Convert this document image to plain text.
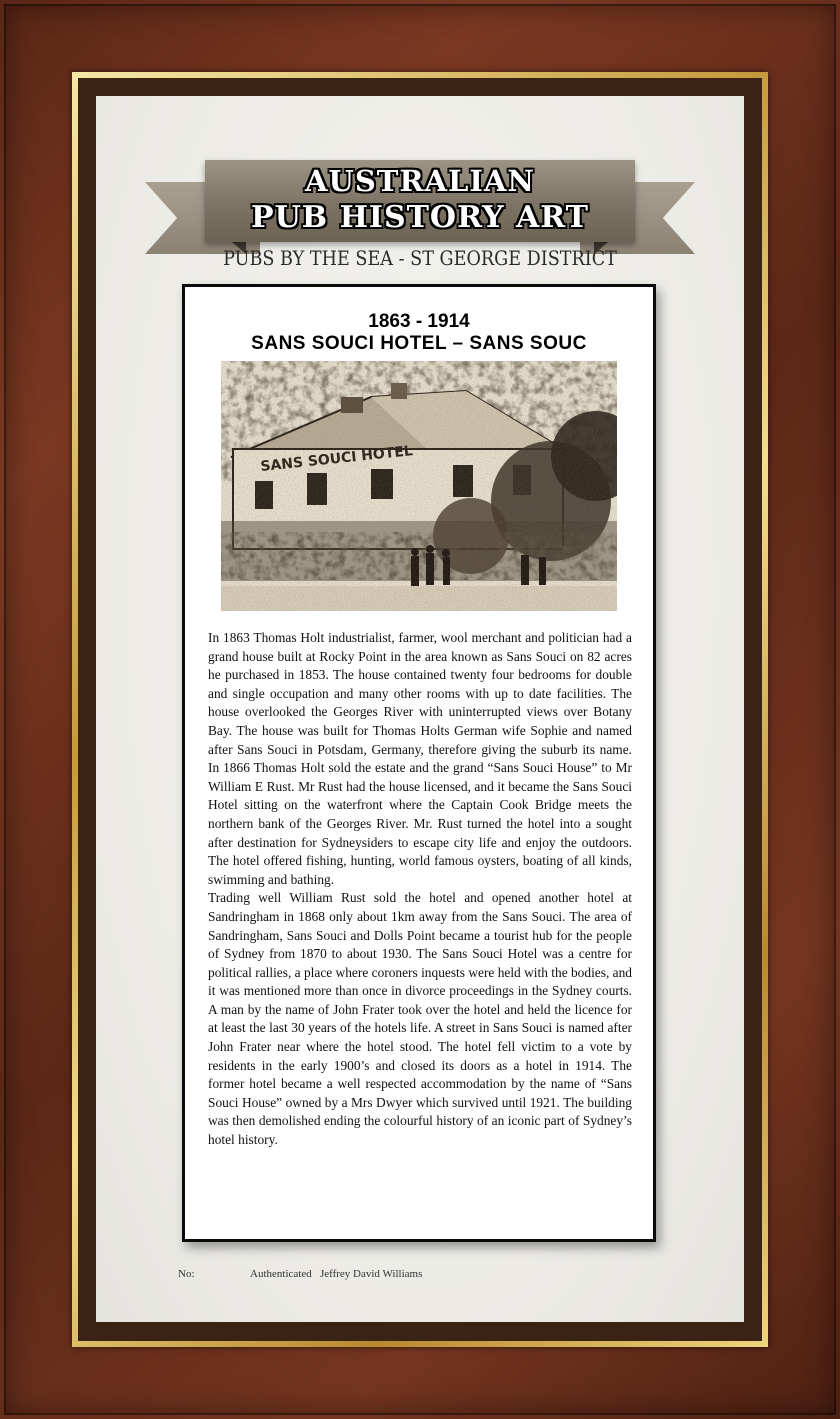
AUSTRALIAN
PUB HISTORY ART
PUBS BY THE SEA - ST GEORGE DISTRICT
1863 - 1914
SANS SOUCI HOTEL – SANS SOUC

In 1863 Thomas Holt industrialist, farmer, wool merchant and politician had a grand house built at Rocky Point in the area known as Sans Souci on 82 acres he purchased in 1853. The house contained twenty four bedrooms for double and single occupation and many other rooms with up to date facilities. The house overlooked the Georges River with uninterrupted views over Botany Bay. The house was built for Thomas Holts German wife Sophie and named after Sans Souci in Potsdam, Germany, therefore giving the suburb its name. In 1866 Thomas Holt sold the estate and the grand “Sans Souci House” to Mr William E Rust. Mr Rust had the house licensed, and it became the Sans Souci Hotel sitting on the waterfront where the Captain Cook Bridge meets the northern bank of the Georges River. Mr. Rust turned the hotel into a sought after destination for Sydneysiders to escape city life and enjoy the outdoors. The hotel offered fishing, hunting, world famous oysters, boating of all kinds, swimming and bathing.

Trading well William Rust sold the hotel and opened another hotel at Sandringham in 1868 only about 1km away from the Sans Souci. The area of Sandringham, Sans Souci and Dolls Point became a tourist hub for the people of Sydney from 1870 to about 1930. The Sans Souci Hotel was a centre for political rallies, a place where coroners inquests were held with the bodies, and it was mentioned more than once in divorce proceedings in the Sydney courts. A man by the name of John Frater took over the hotel and held the licence for at least the last 30 years of the hotels life. A street in Sans Souci is named after John Frater near where the hotel stood. The hotel fell victim to a vote by residents in the early 1900’s and closed its doors as a hotel in 1914. The former hotel became a well respected accommodation by the name of “Sans Souci House” owned by a Mrs Dwyer which survived until 1921. The building was then demolished ending the colourful history of an iconic part of Sydney’s hotel history.

No:	Authenticated   Jeffrey David Williams
